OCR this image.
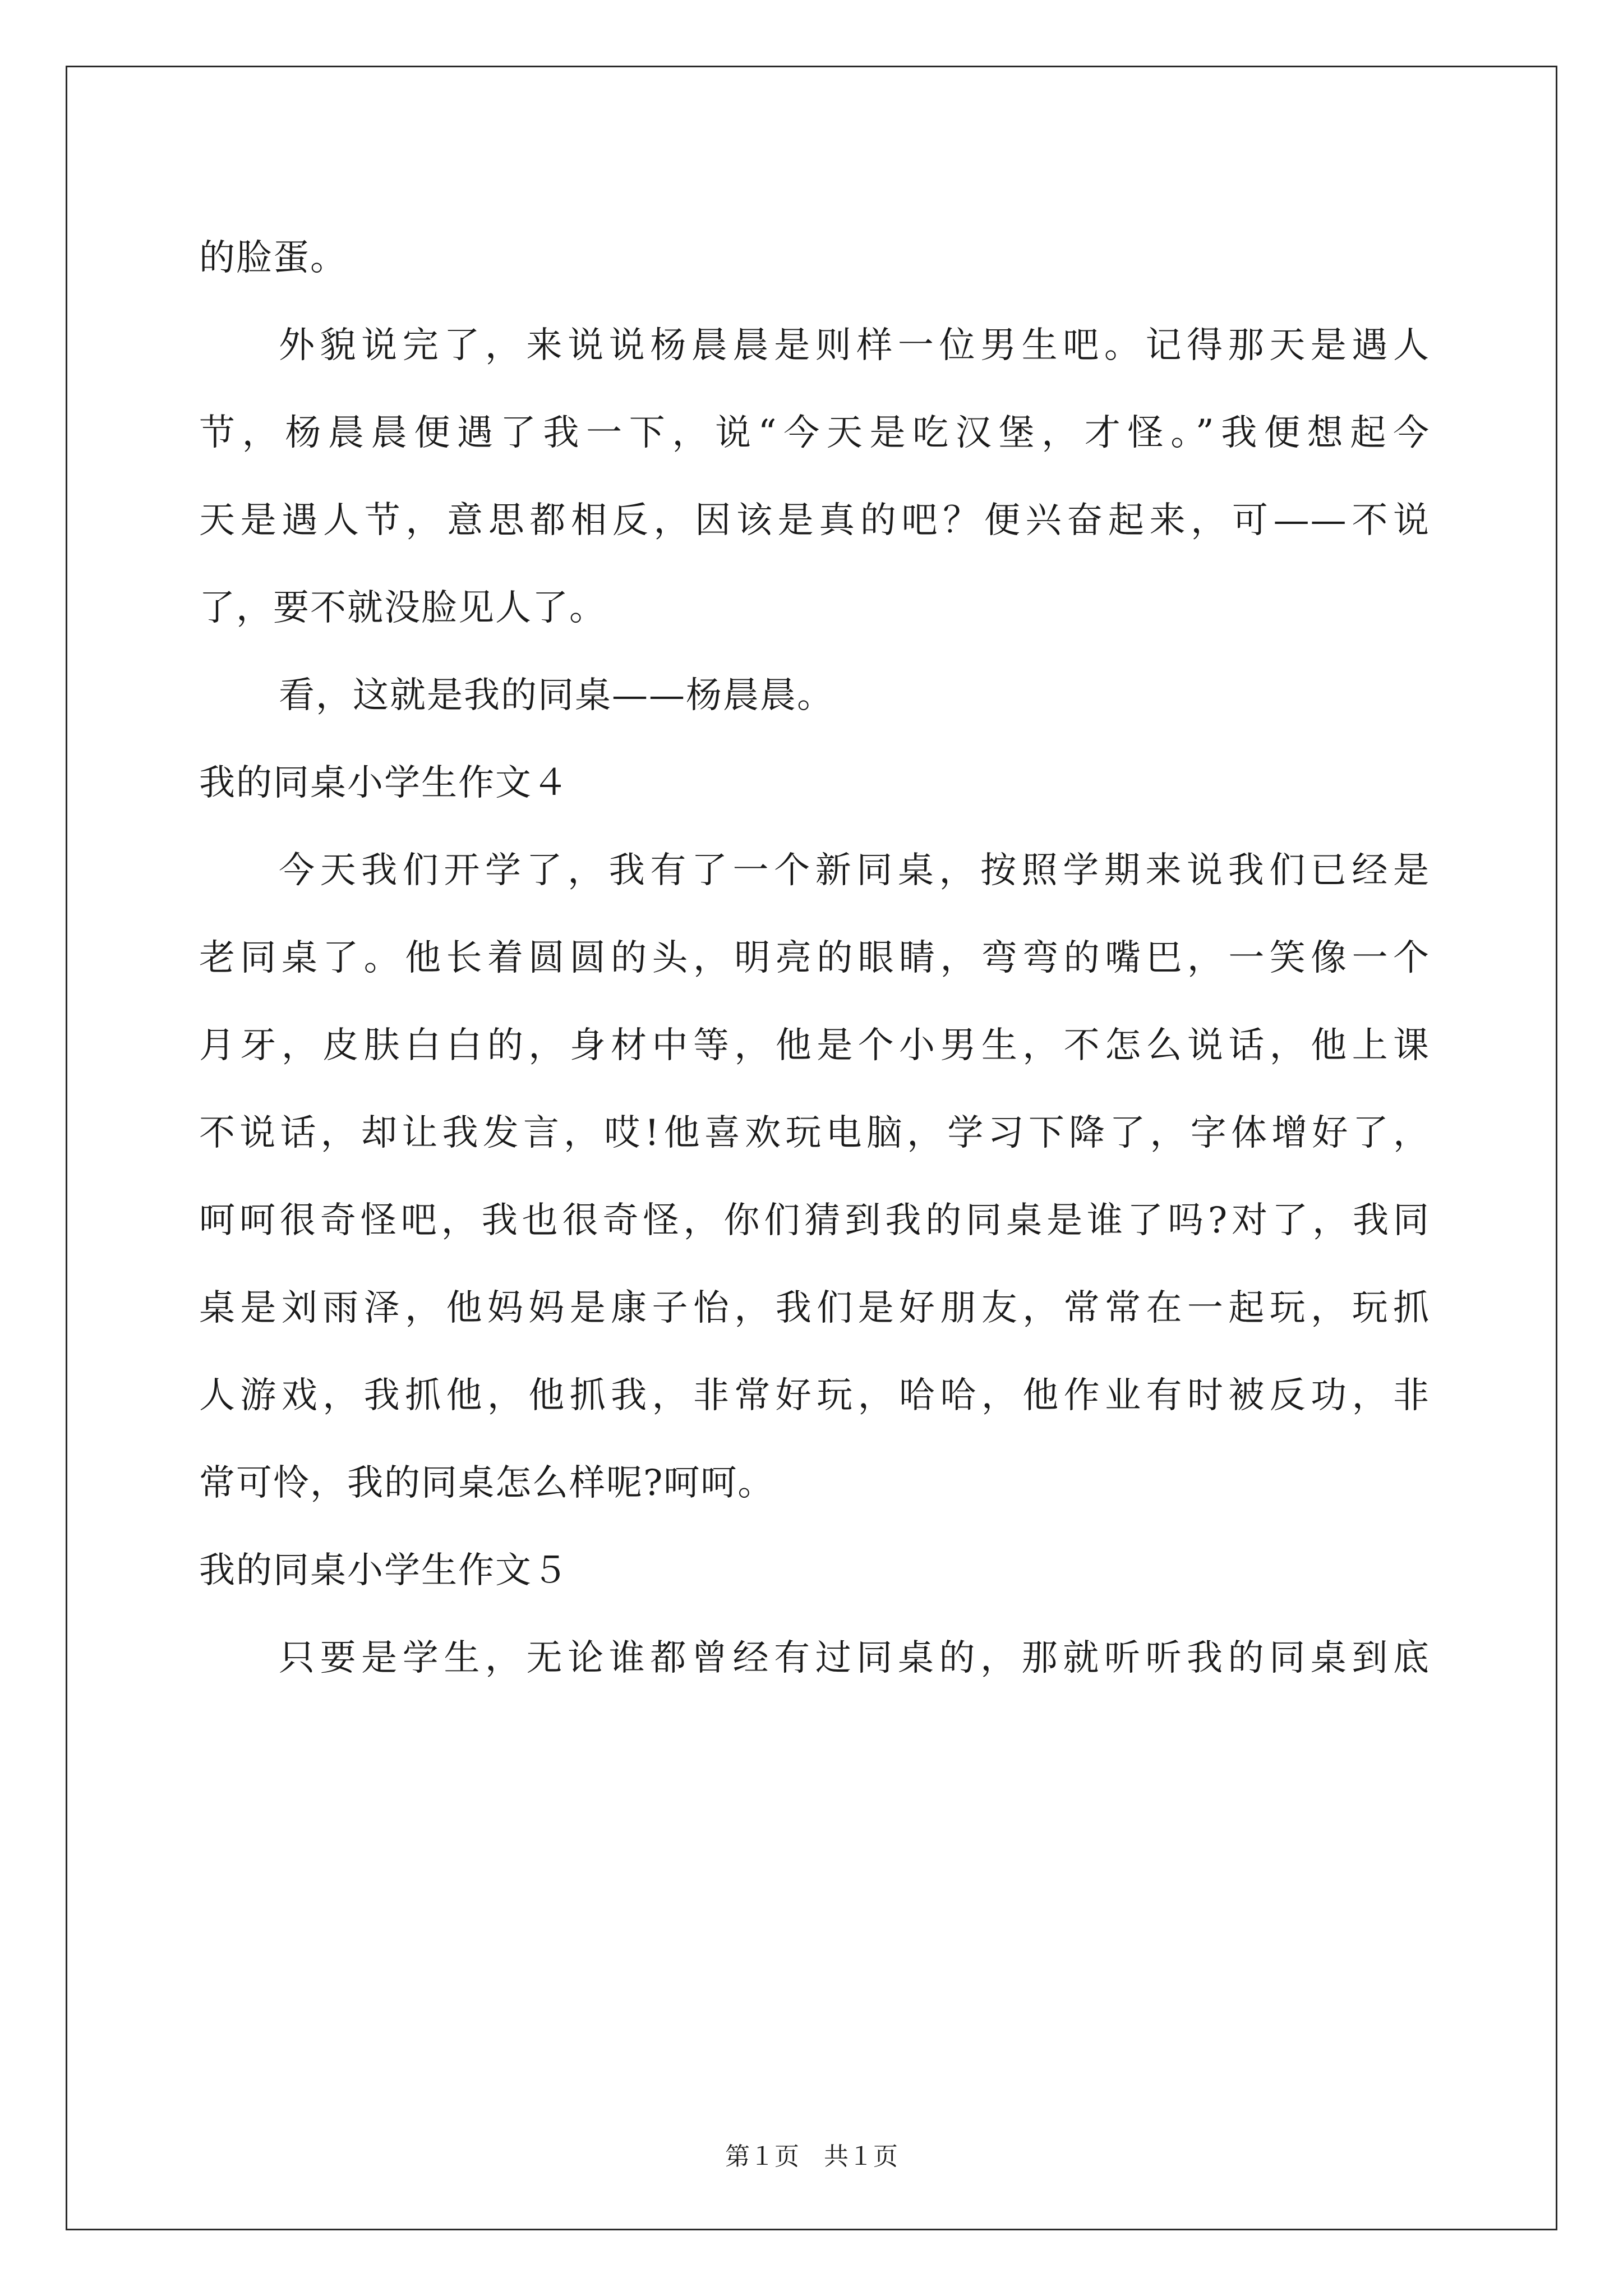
的脸蛋。
外貌说完了，来说说杨晨晨是则样一位男生吧。记得那天是遇人
节，杨晨晨便遇了我一下，说“今天是吃汉堡，才怪。”我便想起今
天是遇人节，意思都相反，因该是真的吧？便兴奋起来，可——不说
了，要不就没脸见人了。
看，这就是我的同桌——杨晨晨。
我的同桌小学生作文４
今天我们开学了，我有了一个新同桌，按照学期来说我们已经是
老同桌了。他长着圆圆的头，明亮的眼睛，弯弯的嘴巴，一笑像一个
月牙，皮肤白白的，身材中等，他是个小男生，不怎么说话，他上课
不说话，却让我发言，哎!他喜欢玩电脑，学习下降了，字体增好了，
呵呵很奇怪吧，我也很奇怪，你们猜到我的同桌是谁了吗?对了，我同
桌是刘雨泽，他妈妈是康子怡，我们是好朋友，常常在一起玩，玩抓
人游戏，我抓他，他抓我，非常好玩，哈哈，他作业有时被反功，非
常可怜，我的同桌怎么样呢?呵呵。
我的同桌小学生作文５
只要是学生，无论谁都曾经有过同桌的，那就听听我的同桌到底
第１页　共１页
